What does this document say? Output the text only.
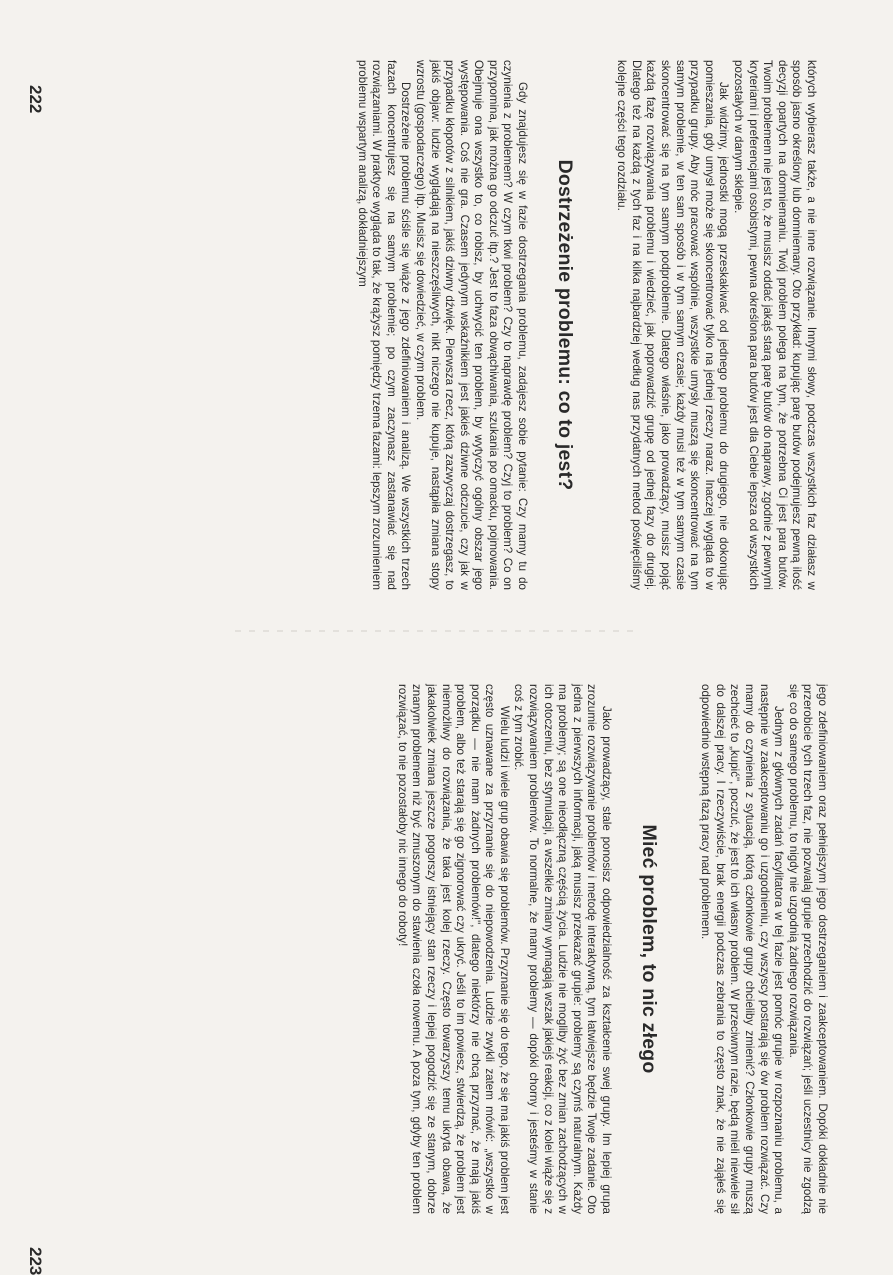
których wybierasz także, a nie inne rozwiązanie. Innymi słowy, podczas wszystkich faz działasz w sposób jasno określony lub domniemany. Oto przykład: kupując parę butów podejmujesz pewną ilość decyzji opartych na domniemaniu. Twój problem polega na tym, że potrzebna Ci jest para butów. Twoim problemem nie jest to, że musisz oddać jakąś starą parę butów do naprawy, zgodnie z pewnymi kryteriami i preferencjami osobistymi, pewna określona para butów jest dla Ciebie lepsza od wszystkich pozostałych w danym sklepie.

Jak widzimy, jednostki mogą przeskakiwać od jednego problemu do drugiego, nie dokonując pomieszania, gdy umysł może się skoncentrować tylko na jednej rzeczy naraz. Inaczej wygląda to w przypadku grupy. Aby móc pracować wspólnie, wszystkie umysły muszą się skoncentrować na tym samym problemie, w ten sam sposób i w tym samym czasie; każdy musi też w tym samym czasie skoncentrować się na tym samym podproblemie. Dlatego właśnie, jako prowadzący, musisz pojąć każdą fazę rozwiązywania problemu i wiedzieć, jak poprowadzić grupę od jednej fazy do drugiej. Dlatego też na każdą z tych faz i na kilka najbardziej według nas przydatnych metod poświęciliśmy kolejne części tego rozdziału.

Dostrzeżenie problemu: co to jest?

Gdy znajdujesz się w fazie dostrzegania problemu, zadajesz sobie pytanie: Czy mamy tu do czynienia z problemem? W czym tkwi problem? Czy to naprawdę problem? Czyj to problem? Co on przypomina, jak można go odczuć itp.? Jest to faza obwąchiwania, szukania po omacku, pojmowania. Obejmuje ona wszystko to, co robisz, by uchwycić ten problem, by wytyczyć ogólny obszar jego występowania. Coś nie gra. Czasem jedynym wskaźnikiem jest jakieś dziwne odczucie, czy jak w przypadku kłopotów z silnikiem, jakiś dziwny dźwięk. Pierwsza rzecz, którą zazwyczaj dostrzegasz, to jakiś objaw: ludzie wyglądają na nieszczęśliwych, nikt niczego nie kupuje, nastąpiła zmiana stopy wzrostu (gospodarczego) itp. Musisz się dowiedzieć, w czym problem.

Dostrzeżenie problemu ściśle się wiąże z jego zdefiniowaniem i analizą. We wszystkich trzech fazach koncentrujesz się na samym problemie; po czym zaczynasz zastanawiać się nad rozwiązaniami. W praktyce wygląda to tak, że krążysz pomiędzy trzema fazami: lepszym zrozumieniem problemu wspartym analizą, dokładniejszym

222

jego zdefiniowaniem oraz pełniejszym jego dostrzeganiem i zaakceptowaniem. Dopóki dokładnie nie przerobicie tych trzech faz, nie pozwalaj grupie przechodzić do rozwiązań; jeśli uczestnicy nie zgodzą się co do samego problemu, to nigdy nie uzgodnią żadnego rozwiązania.

Jednym z głównych zadań facylitatora w tej fazie jest pomóc grupie w rozpoznaniu problemu, a następnie w zaakceptowaniu go i uzgodnieniu, czy wszyscy postarają się ów problem rozwiązać. Czy mamy do czynienia z sytuacją, którą członkowie grupy chcieliby zmienić? Członkowie grupy muszą zechcieć to „kupić", poczuć, że jest to ich własny problem. W przeciwnym razie, będą mieli niewiele sił do dalszej pracy. I rzeczywiście, brak energii podczas zebrania to często znak, że nie zająłeś się odpowiednio wstępną fazą pracy nad problemem.

Mieć problem, to nic złego

Jako prowadzący, stale ponosisz odpowiedzialność za kształcenie swej grupy. Im lepiej grupa zrozumie rozwiązywanie problemów i metodę interaktywną, tym łatwiejsze będzie Twoje zadanie. Oto jedna z pierwszych informacji, jaką musisz przekazać grupie: problemy są czymś naturalnym. Każdy ma problemy; są one nieodłączną częścią życia. Ludzie nie mogliby żyć bez zmian zachodzących w ich otoczeniu, bez stymulacji, a wszelkie zmiany wymagają wszak jakiejś reakcji, co z kolei wiąże się z rozwiązywaniem problemów. To normalne, że mamy problemy — dopóki chorny i jesteśmy w stanie coś z tym zrobić.

Wielu ludzi i wiele grup obawia się problemów. Przyznanie się do tego, że się ma jakiś problem jest często uznawane za przyznanie się do niepowodzenia. Ludzie zwykli zatem mówić: „wszystko w porządku — nie mam żadnych problemów!", dlatego niektórzy nie chcą przyznać, że mają jakiś problem, albo też starają się go zignorować czy ukryć. Jeśli to im powiesz, stwierdzą, że problem jest niemożliwy do rozwiązania, że taka jest kolej rzeczy. Często towarzyszy temu ukryta obawa, że jakakolwiek zmiana jeszcze pogorszy istniejący stan rzeczy i lepiej pogodzić się ze stanym, dobrze znanym problemem niż być zmuszonym do stawienia czoła nowemu. A poza tym, gdyby ten problem rozwiązać, to nie pozostałoby nic innego do roboty!

223
